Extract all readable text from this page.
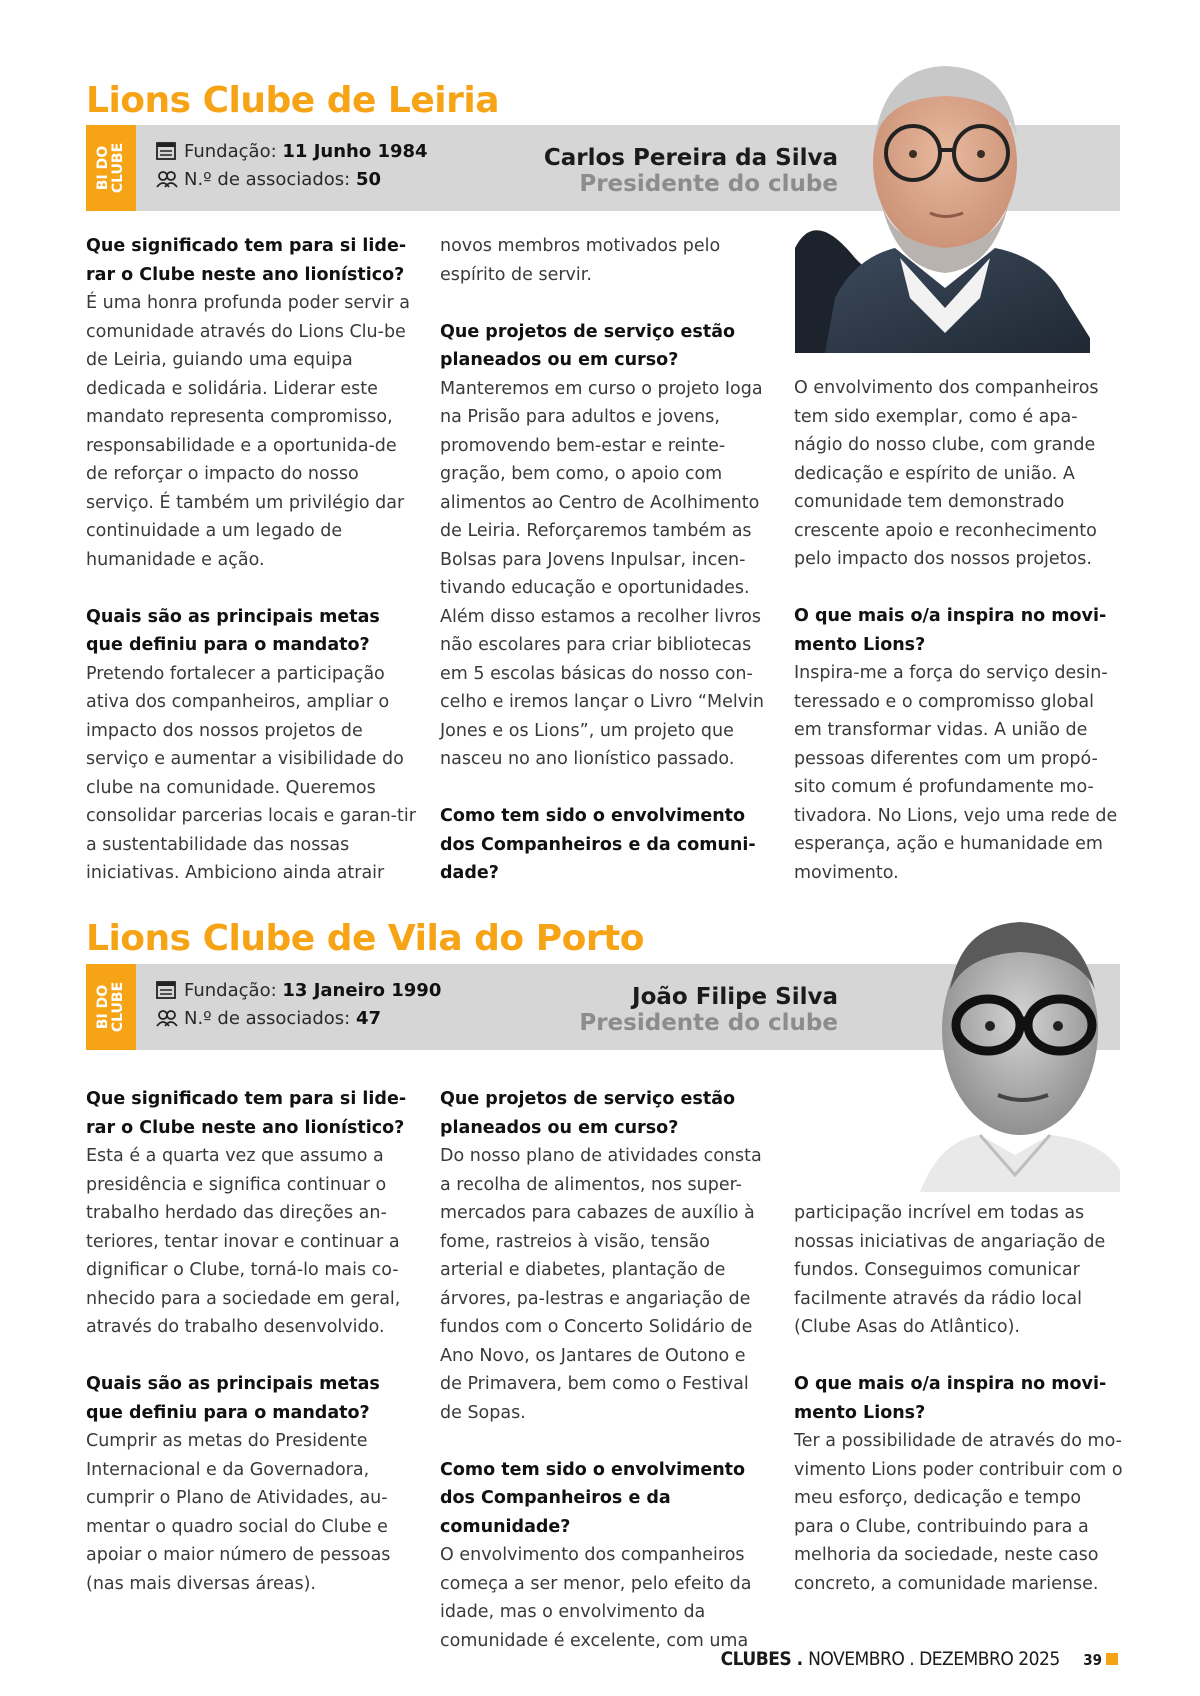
Lions Clube de Leiria
BI DO CLUBE	Fundação: 11 Junho 1984
N.º de associados: 50
Carlos Pereira da Silva
Presidente do clube

Que significado tem para si lide-rar o Clube neste ano lionístico?
É uma honra profunda poder servir a comunidade através do Lions Clu-be de Leiria, guiando uma equipa dedicada e solidária. Liderar este mandato representa compromisso, responsabilidade e a oportunida-de de reforçar o impacto do nosso serviço. É também um privilégio dar continuidade a um legado de humanidade e ação.

Quais são as principais metas que definiu para o mandato?
Pretendo fortalecer a participação ativa dos companheiros, ampliar o impacto dos nossos projetos de serviço e aumentar a visibilidade do clube na comunidade. Queremos consolidar parcerias locais e garan-tir a sustentabilidade das nossas iniciativas. Ambiciono ainda atrair

novos membros motivados pelo espírito de servir.

Que projetos de serviço estão planeados ou em curso?
Manteremos em curso o projeto Ioga na Prisão para adultos e jovens, promovendo bem-estar e reinte-gração, bem como, o apoio com alimentos ao Centro de Acolhimento de Leiria. Reforçaremos também as Bolsas para Jovens Inpulsar, incen-tivando educação e oportunidades. Além disso estamos a recolher livros não escolares para criar bibliotecas em 5 escolas básicas do nosso con-celho e iremos lançar o Livro “Melvin Jones e os Lions”, um projeto que nasceu no ano lionístico passado.

Como tem sido o envolvimento dos Companheiros e da comuni-dade?

O envolvimento dos companheiros tem sido exemplar, como é apa-nágio do nosso clube, com grande dedicação e espírito de união. A comunidade tem demonstrado crescente apoio e reconhecimento pelo impacto dos nossos projetos.

O que mais o/a inspira no movi-mento Lions?
Inspira-me a força do serviço desin-teressado e o compromisso global em transformar vidas. A união de pessoas diferentes com um propó-sito comum é profundamente mo-tivadora. No Lions, vejo uma rede de esperança, ação e humanidade em movimento.

Lions Clube de Vila do Porto
BI DO CLUBE	Fundação: 13 Janeiro 1990
N.º de associados: 47
João Filipe Silva
Presidente do clube

Que significado tem para si lide-rar o Clube neste ano lionístico?
Esta é a quarta vez que assumo a presidência e significa continuar o trabalho herdado das direções an-teriores, tentar inovar e continuar a dignificar o Clube, torná-lo mais co-nhecido para a sociedade em geral, através do trabalho desenvolvido.

Quais são as principais metas que definiu para o mandato?
Cumprir as metas do Presidente Internacional e da Governadora, cumprir o Plano de Atividades, au-mentar o quadro social do Clube e apoiar o maior número de pessoas (nas mais diversas áreas).

Que projetos de serviço estão planeados ou em curso?
Do nosso plano de atividades consta a recolha de alimentos, nos super-mercados para cabazes de auxílio à fome, rastreios à visão, tensão arterial e diabetes, plantação de árvores, pa-lestras e angariação de fundos com o Concerto Solidário de Ano Novo, os Jantares de Outono e de Primavera, bem como o Festival de Sopas.

Como tem sido o envolvimento dos Companheiros e da comunidade?
O envolvimento dos companheiros começa a ser menor, pelo efeito da idade, mas o envolvimento da comunidade é excelente, com uma

participação incrível em todas as nossas iniciativas de angariação de fundos. Conseguimos comunicar facilmente através da rádio local (Clube Asas do Atlântico).

O que mais o/a inspira no movi-mento Lions?
Ter a possibilidade de através do mo-vimento Lions poder contribuir com o meu esforço, dedicação e tempo para o Clube, contribuindo para a melhoria da sociedade, neste caso concreto, a comunidade mariense.

CLUBES . NOVEMBRO . DEZEMBRO 2025 39
